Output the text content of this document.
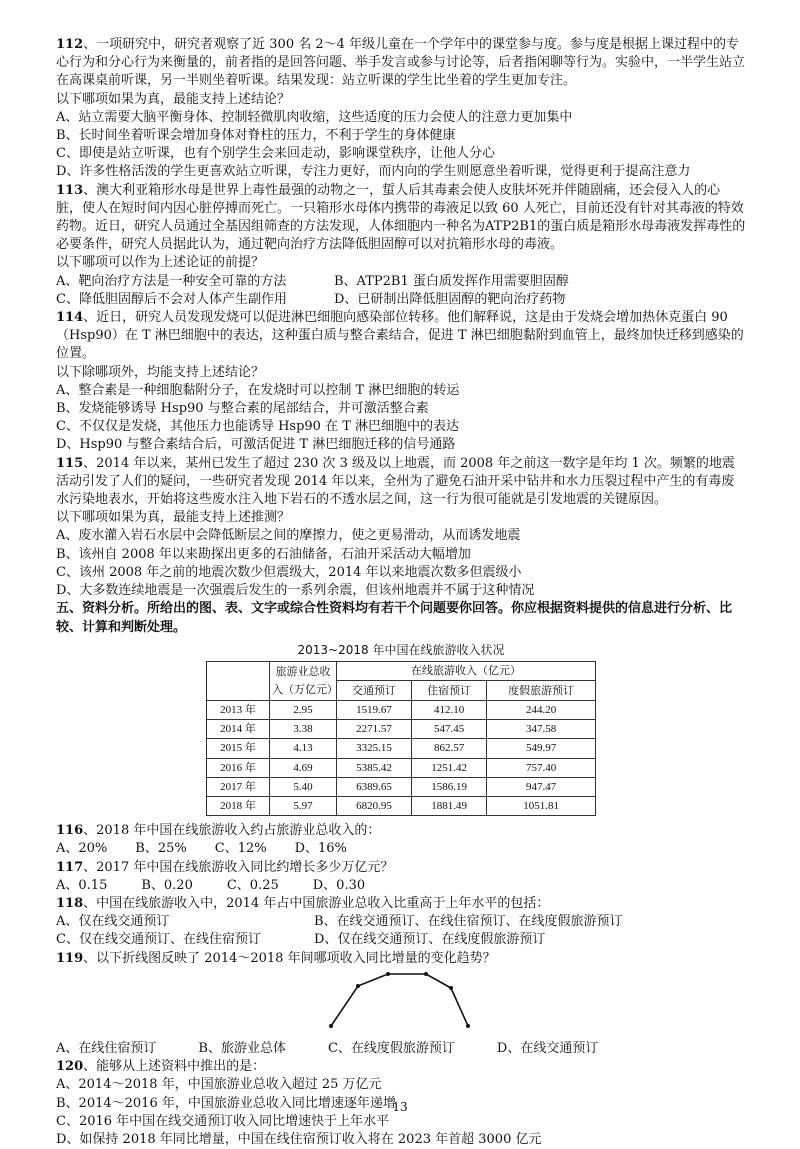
112、一项研究中，研究者观察了近 300 名 2～4 年级儿童在一个学年中的课堂参与度。参与度是根据上课过程中的专心行为和分心行为来衡量的，前者指的是回答问题、举手发言或参与讨论等，后者指闲聊等行为。实验中，一半学生站立在高课桌前听课，另一半则坐着听课。结果发现：站立听课的学生比坐着的学生更加专注。

以下哪项如果为真，最能支持上述结论？

A、站立需要大脑平衡身体、控制轻微肌肉收缩，这些适度的压力会使人的注意力更加集中

B、长时间坐着听课会增加身体对脊柱的压力，不利于学生的身体健康

C、即使是站立听课，也有个别学生会来回走动，影响课堂秩序，让他人分心

D、许多性格活泼的学生更喜欢站立听课，专注力更好，而内向的学生则愿意坐着听课，觉得更利于提高注意力

113、澳大利亚箱形水母是世界上毒性最强的动物之一，蜇人后其毒素会使人皮肤坏死并伴随剧痛，还会侵入人的心脏，使人在短时间内因心脏停搏而死亡。一只箱形水母体内携带的毒液足以致 60 人死亡，目前还没有针对其毒液的特效药物。近日，研究人员通过全基因组筛查的方法发现，人体细胞内一种名为ATP2B1的蛋白质是箱形水母毒液发挥毒性的必要条件，研究人员据此认为，通过靶向治疗方法降低胆固醇可以对抗箱形水母的毒液。

以下哪项可以作为上述论证的前提？

A、靶向治疗方法是一种安全可靠的方法	B、ATP2B1 蛋白质发挥作用需要胆固醇
C、降低胆固醇后不会对人体产生副作用	D、已研制出降低胆固醇的靶向治疗药物

114、近日，研究人员发现发烧可以促进淋巴细胞向感染部位转移。他们解释说，这是由于发烧会增加热休克蛋白 90（Hsp90）在 T 淋巴细胞中的表达，这种蛋白质与整合素结合，促进 T 淋巴细胞黏附到血管上，最终加快迁移到感染的位置。

以下除哪项外，均能支持上述结论？

A、整合素是一种细胞黏附分子，在发烧时可以控制 T 淋巴细胞的转运

B、发烧能够诱导 Hsp90 与整合素的尾部结合，并可激活整合素

C、不仅仅是发烧，其他压力也能诱导 Hsp90 在 T 淋巴细胞中的表达

D、Hsp90 与整合素结合后，可激活促进 T 淋巴细胞迁移的信号通路

115、2014 年以来，某州已发生了超过 230 次 3 级及以上地震，而 2008 年之前这一数字是年均 1 次。频繁的地震活动引发了人们的疑问，一些研究者发现 2014 年以来，全州为了避免石油开采中钻井和水力压裂过程中产生的有毒废水污染地表水，开始将这些废水注入地下岩石的不透水层之间，这一行为很可能就是引发地震的关键原因。

以下哪项如果为真，最能支持上述推测？

A、废水灌入岩石水层中会降低断层之间的摩擦力，使之更易滑动，从而诱发地震

B、该州自 2008 年以来勘探出更多的石油储备，石油开采活动大幅增加

C、该州 2008 年之前的地震次数少但震级大，2014 年以来地震次数多但震级小

D、大多数连续地震是一次强震后发生的一系列余震，但该州地震并不属于这种情况

五、资料分析。所给出的图、表、文字或综合性资料均有若干个问题要你回答。你应根据资料提供的信息进行分析、比较、计算和判断处理。

2013~2018 年中国在线旅游收入状况
	旅游业总收入（万亿元）	在线旅游收入（亿元）		
		交通预订	住宿预订	度假旅游预订
2013 年	2.95	1519.67	412.10	244.20
2014 年	3.38	2271.57	547.45	347.58
2015 年	4.13	3325.15	862.57	549.97
2016 年	4.69	5385.42	1251.42	757.40
2017 年	5.40	6389.65	1586.19	947.47
2018 年	5.97	6820.95	1881.49	1051.81

116、2018 年中国在线旅游收入约占旅游业总收入的：

A、20% B、25% C、12% D、16%

117、2017 年中国在线旅游收入同比约增长多少万亿元？

A、0.15	B、0.20	C、0.25	D、0.30

118、中国在线旅游收入中，2014 年占中国旅游业总收入比重高于上年水平的包括：

A、仅在线交通预订	B、在线交通预订、在线住宿预订、在线度假旅游预订
C、仅在线交通预订、在线住宿预订	D、仅在线交通预订、在线度假旅游预订

119、以下折线图反映了 2014～2018 年间哪项收入同比增量的变化趋势？

A、在线住宿预订	B、旅游业总体	C、在线度假旅游预订	D、在线交通预订

120、能够从上述资料中推出的是：

A、2014～2018 年，中国旅游业总收入超过 25 万亿元

B、2014～2016 年，中国旅游业总收入同比增速逐年递增

C、2016 年中国在线交通预订收入同比增速快于上年水平

D、如保持 2018 年同比增量，中国在线住宿预订收入将在 2023 年首超 3000 亿元

13
